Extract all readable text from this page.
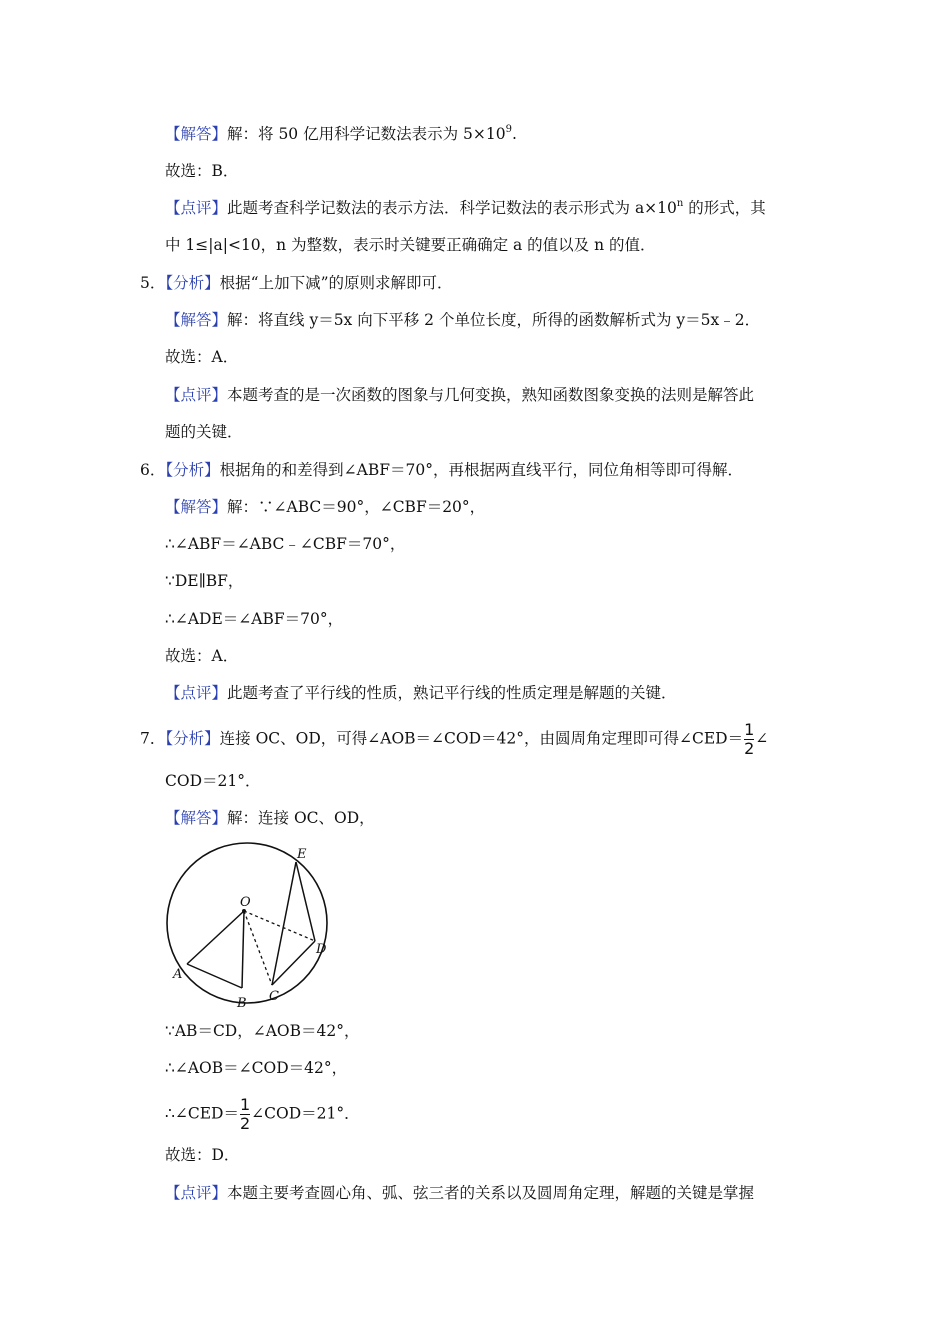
【解答】解：将 50 亿用科学记数法表示为 $5\times 10^9$.
故选：B．
【点评】此题考查科学记数法的表示方法．科学记数法的表示形式为 $a\times 10^n$ 的形式，其
中 1≤|a|<10，n 为整数，表示时关键要正确确定 a 的值以及 n 的值．
5．【分析】根据“上加下减”的原则求解即可．
【解答】解：将直线 y＝5x 向下平移 2 个单位长度，所得的函数解析式为 y＝5x﹣2．
故选：A．
【点评】本题考查的是一次函数的图象与几何变换，熟知函数图象变换的法则是解答此
题的关键．
6．【分析】根据角的和差得到∠ABF＝70°，再根据两直线平行，同位角相等即可得解．
【解答】解：∵∠ABC＝90°，∠CBF＝20°，
∴∠ABF＝∠ABC﹣∠CBF＝70°，
∵DE∥BF，
∴∠ADE＝∠ABF＝70°，
故选：A．
【点评】此题考查了平行线的性质，熟记平行线的性质定理是解题的关键．
7．【分析】连接 OC、OD，可得∠AOB＝∠COD＝42°，由圆周角定理即可得∠CED＝ $\frac{1}{2}$ ∠
COD＝21°．
【解答】解：连接 OC、OD，
O
E
D
A
B C
∵AB＝CD，∠AOB＝42°，
∴∠AOB＝∠COD＝42°，
∴∠CED＝ $\frac{1}{2}$ ∠COD＝21°．
故选：D．
【点评】本题主要考查圆心角、弧、弦三者的关系以及圆周角定理，解题的关键是掌握
